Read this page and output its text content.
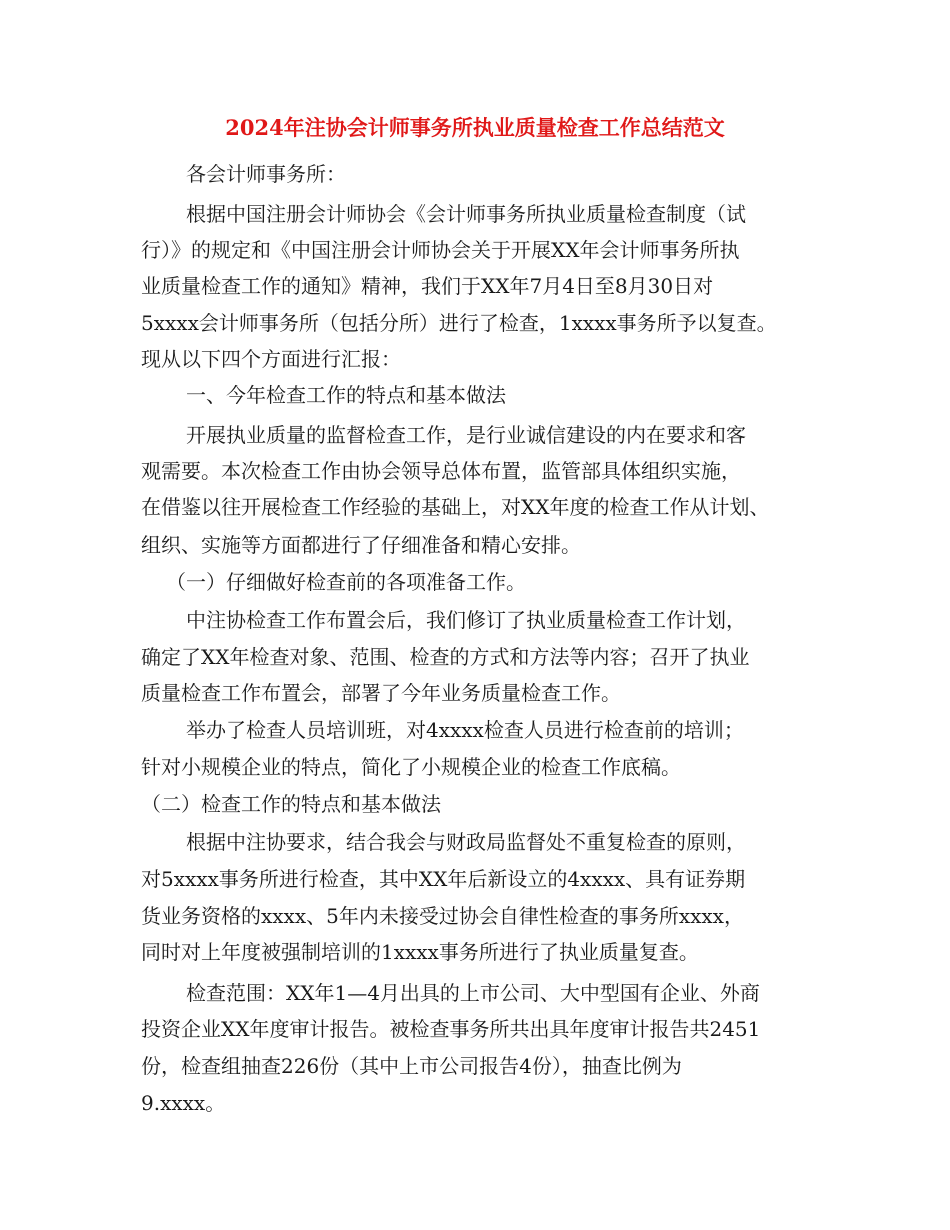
2024年注协会计师事务所执业质量检查工作总结范文
各会计师事务所：
根据中国注册会计师协会《会计师事务所执业质量检查制度（试
行）》的规定和《中国注册会计师协会关于开展XX年会计师事务所执
业质量检查工作的通知》精神，我们于XX年7月4日至8月30日对
5xxxx会计师事务所（包括分所）进行了检查，1xxxx事务所予以复查。
现从以下四个方面进行汇报：
一、今年检查工作的特点和基本做法
开展执业质量的监督检查工作，是行业诚信建设的内在要求和客
观需要。本次检查工作由协会领导总体布置，监管部具体组织实施，
在借鉴以往开展检查工作经验的基础上，对XX年度的检查工作从计划、
组织、实施等方面都进行了仔细准备和精心安排。
（一）仔细做好检查前的各项准备工作。
中注协检查工作布置会后，我们修订了执业质量检查工作计划，
确定了XX年检查对象、范围、检查的方式和方法等内容；召开了执业
质量检查工作布置会，部署了今年业务质量检查工作。
举办了检查人员培训班，对4xxxx检查人员进行检查前的培训；
针对小规模企业的特点，简化了小规模企业的检查工作底稿。
（二）检查工作的特点和基本做法
根据中注协要求，结合我会与财政局监督处不重复检查的原则，
对5xxxx事务所进行检查，其中XX年后新设立的4xxxx、具有证券期
货业务资格的xxxx、5年内未接受过协会自律性检查的事务所xxxx，
同时对上年度被强制培训的1xxxx事务所进行了执业质量复查。
检查范围：XX年1—4月出具的上市公司、大中型国有企业、外商
投资企业XX年度审计报告。被检查事务所共出具年度审计报告共2451
份，检查组抽查226份（其中上市公司报告4份），抽查比例为
9.xxxx。
